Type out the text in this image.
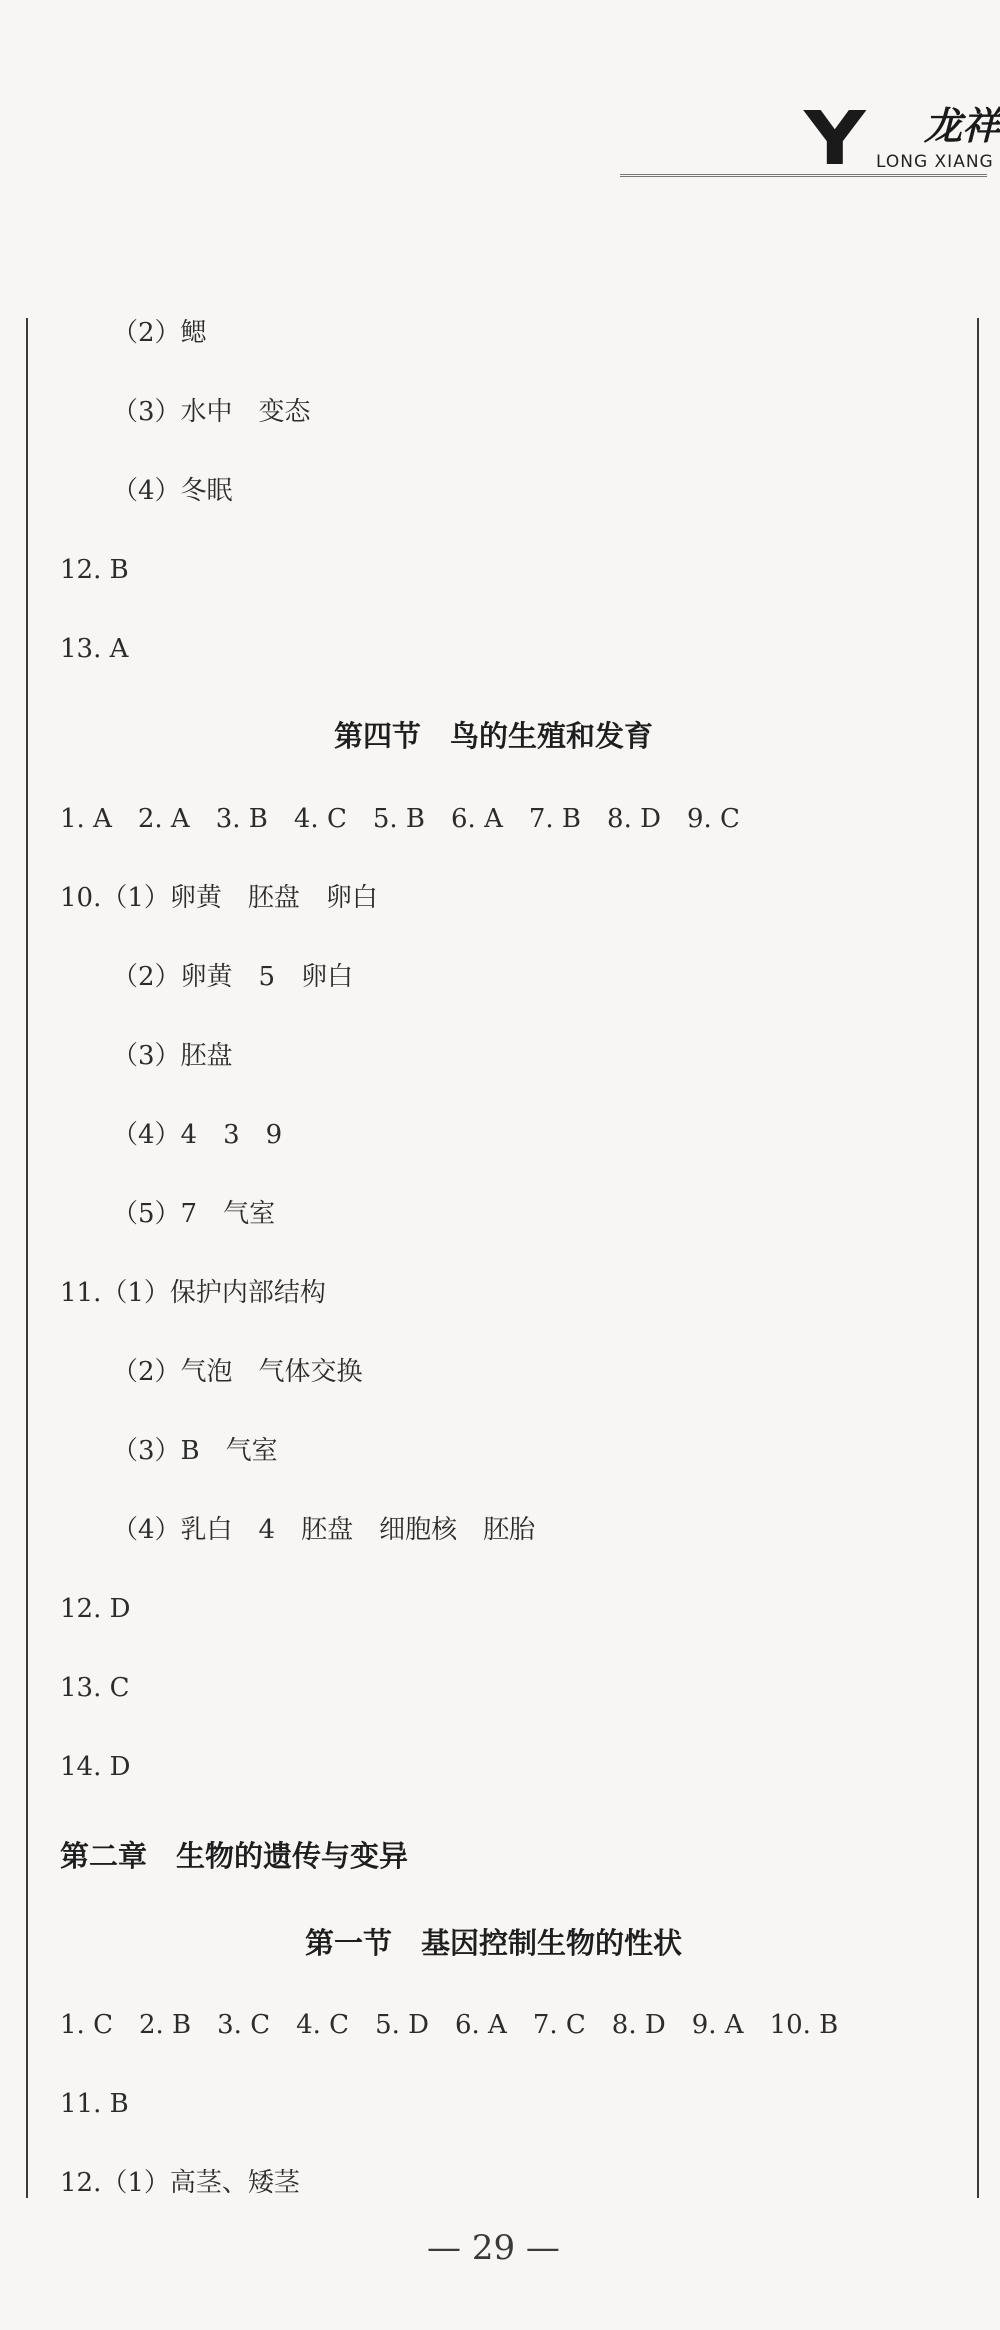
Y 龙祥
LONG XIANG
（2）鳃
（3）水中　变态
（4）冬眠
12. B
13. A
第四节　鸟的生殖和发育
1. A　2. A　3. B　4. C　5. B　6. A　7. B　8. D　9. C
10.（1）卵黄　胚盘　卵白
（2）卵黄　5　卵白
（3）胚盘
（4）4　3　9
（5）7　气室
11.（1）保护内部结构
（2）气泡　气体交换
（3）B　气室
（4）乳白　4　胚盘　细胞核　胚胎
12. D
13. C
14. D
第二章　生物的遗传与变异
第一节　基因控制生物的性状
1. C　2. B　3. C　4. C　5. D　6. A　7. C　8. D　9. A　10. B
11. B
12.（1）高茎、矮茎
— 29 —
